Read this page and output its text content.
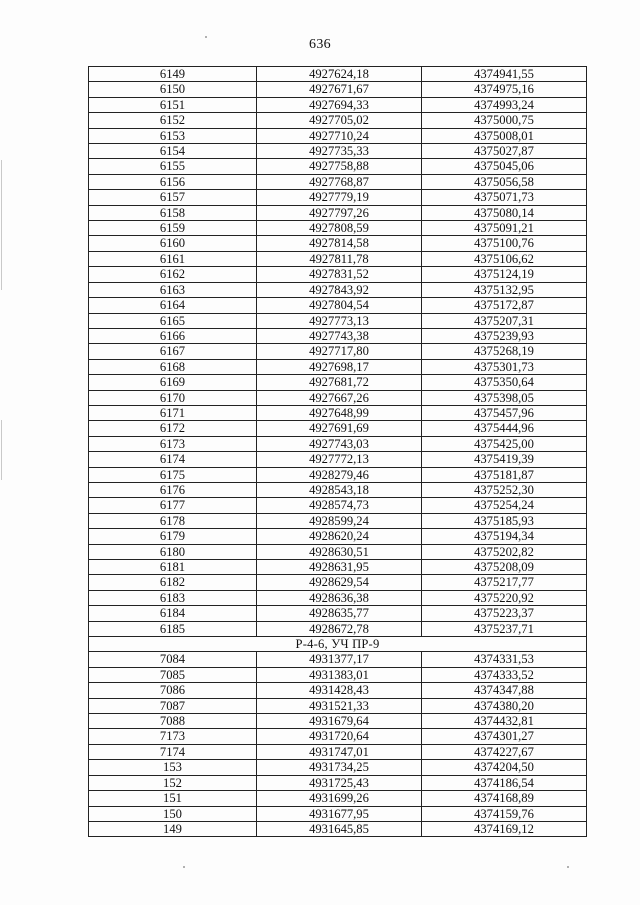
636
6149	4927624,18	4374941,55
6150	4927671,67	4374975,16
6151	4927694,33	4374993,24
6152	4927705,02	4375000,75
6153	4927710,24	4375008,01
6154	4927735,33	4375027,87
6155	4927758,88	4375045,06
6156	4927768,87	4375056,58
6157	4927779,19	4375071,73
6158	4927797,26	4375080,14
6159	4927808,59	4375091,21
6160	4927814,58	4375100,76
6161	4927811,78	4375106,62
6162	4927831,52	4375124,19
6163	4927843,92	4375132,95
6164	4927804,54	4375172,87
6165	4927773,13	4375207,31
6166	4927743,38	4375239,93
6167	4927717,80	4375268,19
6168	4927698,17	4375301,73
6169	4927681,72	4375350,64
6170	4927667,26	4375398,05
6171	4927648,99	4375457,96
6172	4927691,69	4375444,96
6173	4927743,03	4375425,00
6174	4927772,13	4375419,39
6175	4928279,46	4375181,87
6176	4928543,18	4375252,30
6177	4928574,73	4375254,24
6178	4928599,24	4375185,93
6179	4928620,24	4375194,34
6180	4928630,51	4375202,82
6181	4928631,95	4375208,09
6182	4928629,54	4375217,77
6183	4928636,38	4375220,92
6184	4928635,77	4375223,37
6185	4928672,78	4375237,71
Р-4-6, УЧ ПР-9		
7084	4931377,17	4374331,53
7085	4931383,01	4374333,52
7086	4931428,43	4374347,88
7087	4931521,33	4374380,20
7088	4931679,64	4374432,81
7173	4931720,64	4374301,27
7174	4931747,01	4374227,67
153	4931734,25	4374204,50
152	4931725,43	4374186,54
151	4931699,26	4374168,89
150	4931677,95	4374159,76
149	4931645,85	4374169,12
